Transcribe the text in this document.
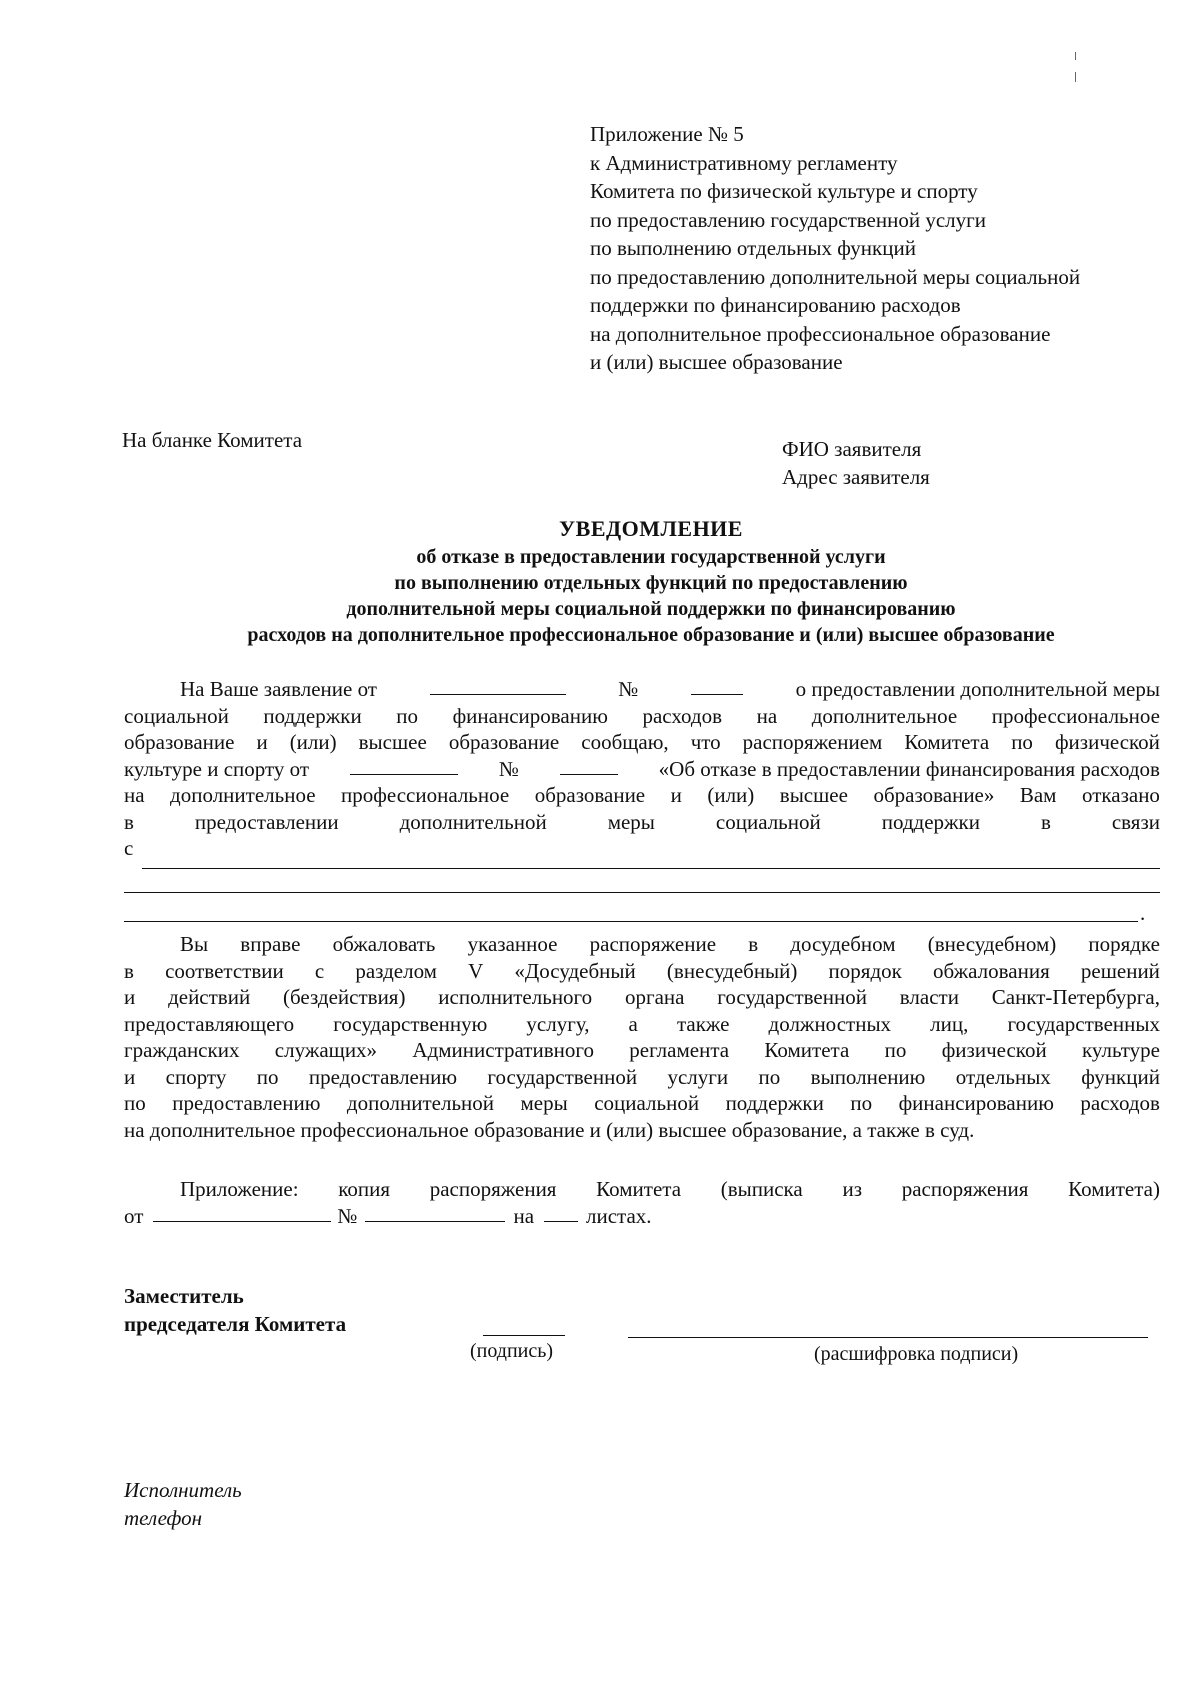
Приложение № 5
к Административному регламенту
Комитета по физической культуре и спорту
по предоставлению государственной услуги
по выполнению отдельных функций
по предоставлению дополнительной меры социальной
поддержки по финансированию расходов
на дополнительное профессиональное образование
и (или) высшее образование
На бланке Комитета	ФИО заявителя
Адрес заявителя
УВЕДОМЛЕНИЕ
об отказе в предоставлении государственной услуги
по выполнению отдельных функций по предоставлению
дополнительной меры социальной поддержки по финансированию
расходов на дополнительное профессиональное образование и (или) высшее образование
На Ваше заявление от	№	о предоставлении дополнительной меры
социальной поддержки по финансированию расходов на дополнительное профессиональное
образование и (или) высшее образование сообщаю, что распоряжением Комитета по физической
культуре и спорту от	№	«Об отказе в предоставлении финансирования расходов
на дополнительное профессиональное образование и (или) высшее образование» Вам отказано
в	предоставлении	дополнительной	меры	социальной	поддержки	в	связи
с
.
Вы вправе обжаловать указанное распоряжение в досудебном (внесудебном) порядке
в соответствии с разделом V «Досудебный (внесудебный) порядок обжалования решений
и действий (бездействия) исполнительного органа государственной власти Санкт-Петербурга,
предоставляющего государственную услугу, а также должностных лиц, государственных
гражданских служащих» Административного регламента Комитета по физической культуре
и спорту по предоставлению государственной услуги по выполнению отдельных функций
по предоставлению дополнительной меры социальной поддержки по финансированию расходов
на дополнительное профессиональное образование и (или) высшее образование, а также в суд.
Приложение: копия распоряжения Комитета (выписка из распоряжения Комитета)
от	№	на листах.
Заместитель
председателя Комитета
(подпись)	(расшифровка подписи)
Исполнитель
телефон
